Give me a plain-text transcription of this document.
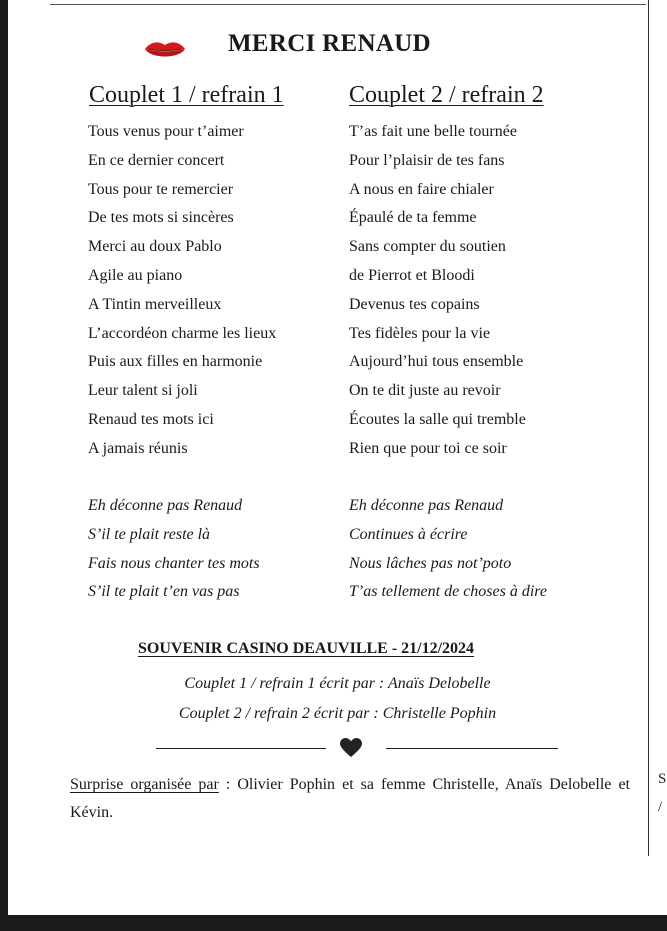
S
/
MERCI RENAUD
Couplet 1 / refrain 1	Couplet 2 / refrain 2
Tous venus pour t’aimer
En ce dernier concert
Tous pour te remercier
De tes mots si sincères
Merci au doux Pablo
Agile au piano
A Tintin merveilleux
L’accordéon charme les lieux
Puis aux filles en harmonie
Leur talent si joli
Renaud tes mots ici
A jamais réunis
T’as fait une belle tournée
Pour l’plaisir de tes fans
A nous en faire chialer
Épaulé de ta femme
Sans compter du soutien
de Pierrot et Bloodi
Devenus tes copains
Tes fidèles pour la vie
Aujourd’hui tous ensemble
On te dit juste au revoir
Écoutes la salle qui tremble
Rien que pour toi ce soir
Eh déconne pas Renaud
S’il te plait reste là
Fais nous chanter tes mots
S’il te plait t’en vas pas
Eh déconne pas Renaud
Continues à écrire
Nous lâches pas not’poto
T’as tellement de choses à dire
SOUVENIR CASINO DEAUVILLE - 21/12/2024
Couplet 1 / refrain 1 écrit par : Anaïs Delobelle
Couplet 2 / refrain 2 écrit par : Christelle Pophin
Surprise organisée par : Olivier Pophin et sa femme Christelle, Anaïs Delobelle et Kévin.
